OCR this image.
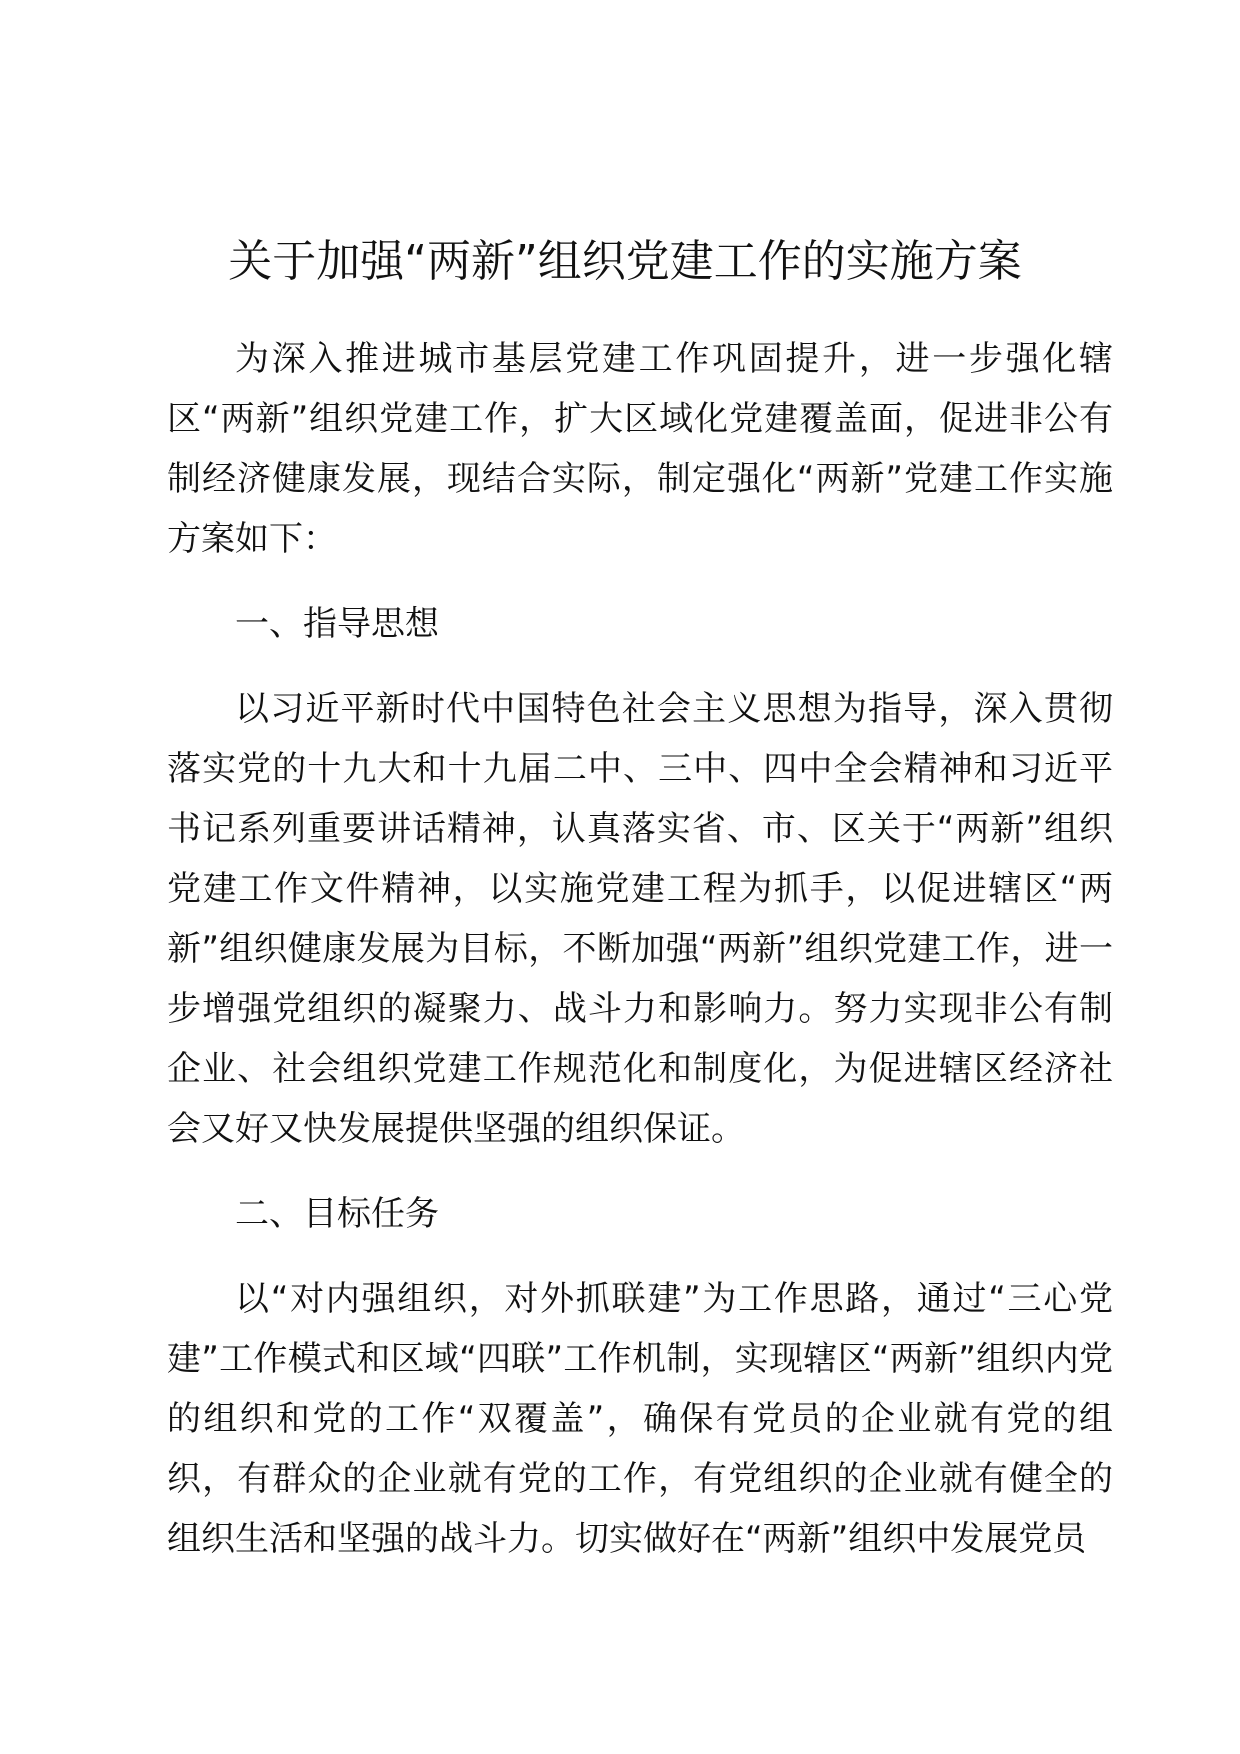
关于加强“两新”组织党建工作的实施方案

为深入推进城市基层党建工作巩固提升，进一步强化辖区“两新”组织党建工作，扩大区域化党建覆盖面，促进非公有制经济健康发展，现结合实际，制定强化“两新”党建工作实施方案如下：

一、指导思想

以习近平新时代中国特色社会主义思想为指导，深入贯彻落实党的十九大和十九届二中、三中、四中全会精神和习近平书记系列重要讲话精神，认真落实省、市、区关于“两新”组织党建工作文件精神，以实施党建工程为抓手，以促进辖区“两新”组织健康发展为目标，不断加强“两新”组织党建工作，进一步增强党组织的凝聚力、战斗力和影响力。努力实现非公有制企业、社会组织党建工作规范化和制度化，为促进辖区经济社会又好又快发展提供坚强的组织保证。

二、目标任务

以“对内强组织，对外抓联建”为工作思路，通过“三心党建”工作模式和区域“四联”工作机制，实现辖区“两新”组织内党的组织和党的工作“双覆盖”，确保有党员的企业就有党的组织，有群众的企业就有党的工作，有党组织的企业就有健全的组织生活和坚强的战斗力。切实做好在“两新”组织中发展党员
